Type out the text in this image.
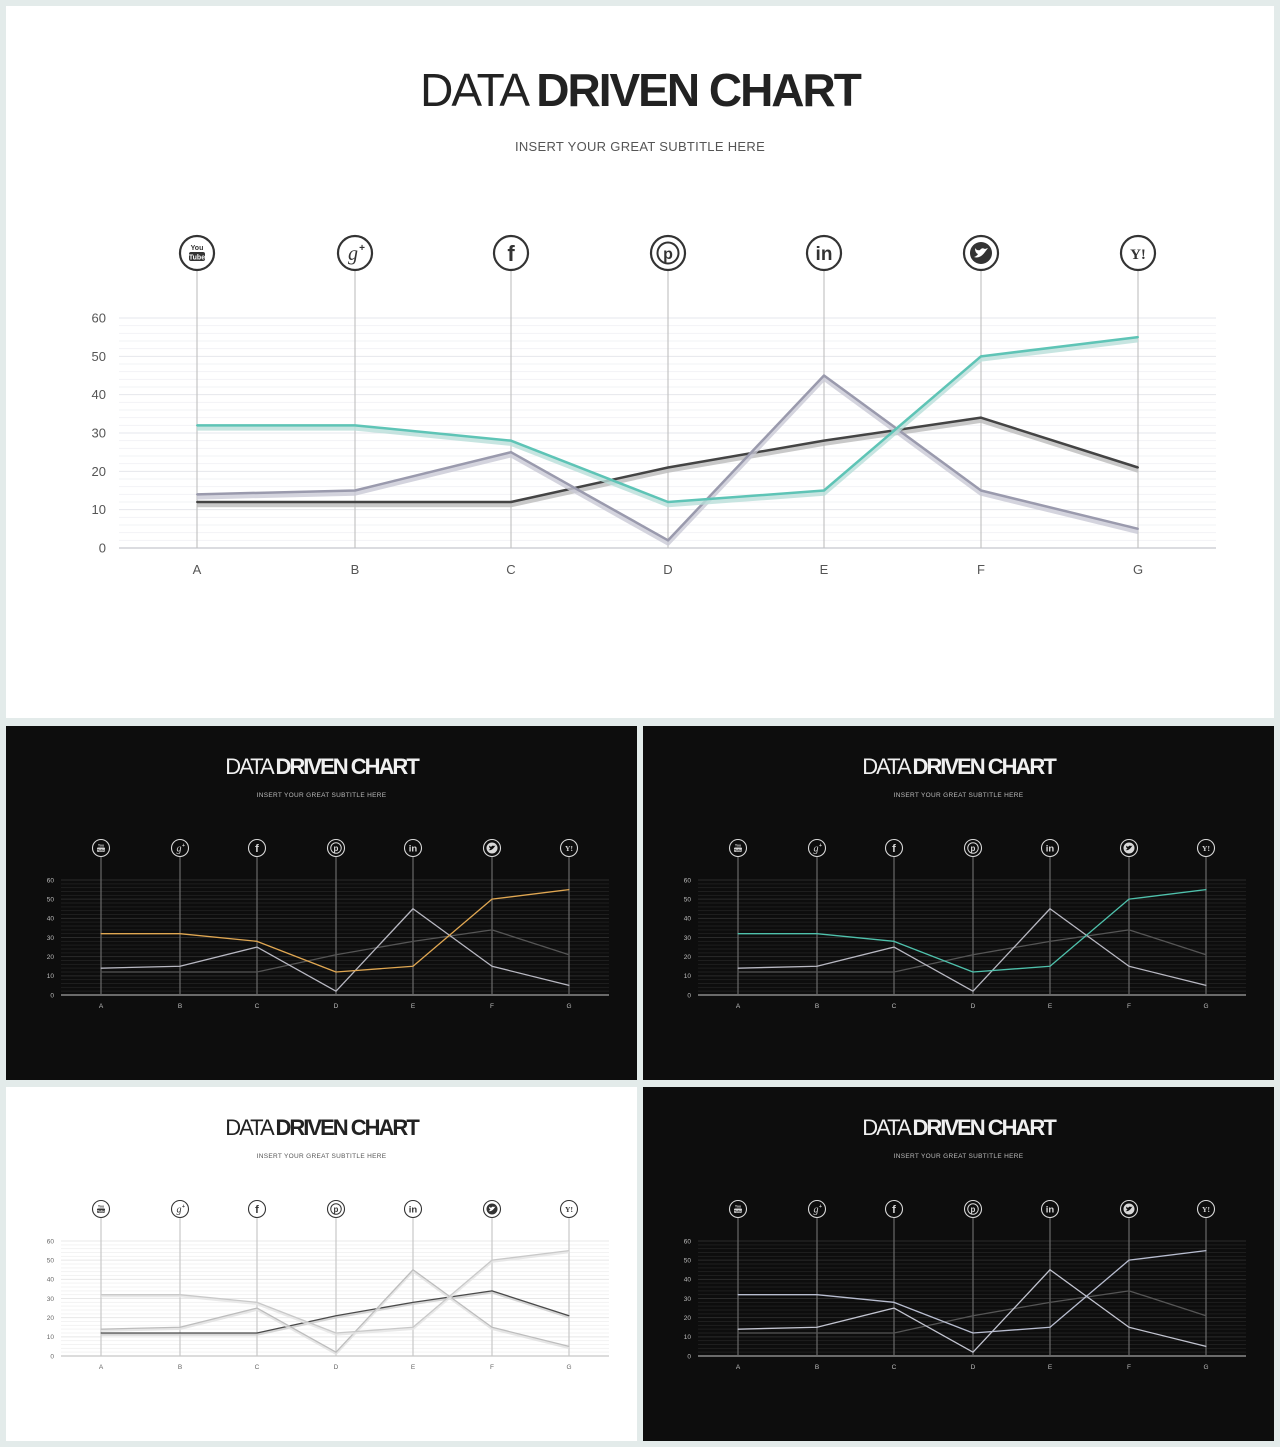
DATA DRIVEN CHART
INSERT YOUR GREAT SUBTITLE HERE
0
10
20
30
40
50
60
You
Tube
A
g +
B
f
C
p
D
in
E	F
Y!
G
DATA DRIVEN CHART
INSERT YOUR GREAT SUBTITLE HERE
0
10
20
30
40
50
60
You
Tube
A
g +
B
f
C
p
D
in
E	F
Y!
G
DATA DRIVEN CHART
INSERT YOUR GREAT SUBTITLE HERE
0
10
20
30
40
50
60
You
Tube
A
g +
B
f
C
p
D
in
E	F
Y!
G
DATA DRIVEN CHART
INSERT YOUR GREAT SUBTITLE HERE
0
10
20
30
40
50
60
You
Tube
A
g +
B
f
C
p
D
in
E	F
Y!
G
DATA DRIVEN CHART
INSERT YOUR GREAT SUBTITLE HERE
0
10
20
30
40
50
60
You
Tube
A
g +
B
f
C
p
D
in
E	F
Y!
G
